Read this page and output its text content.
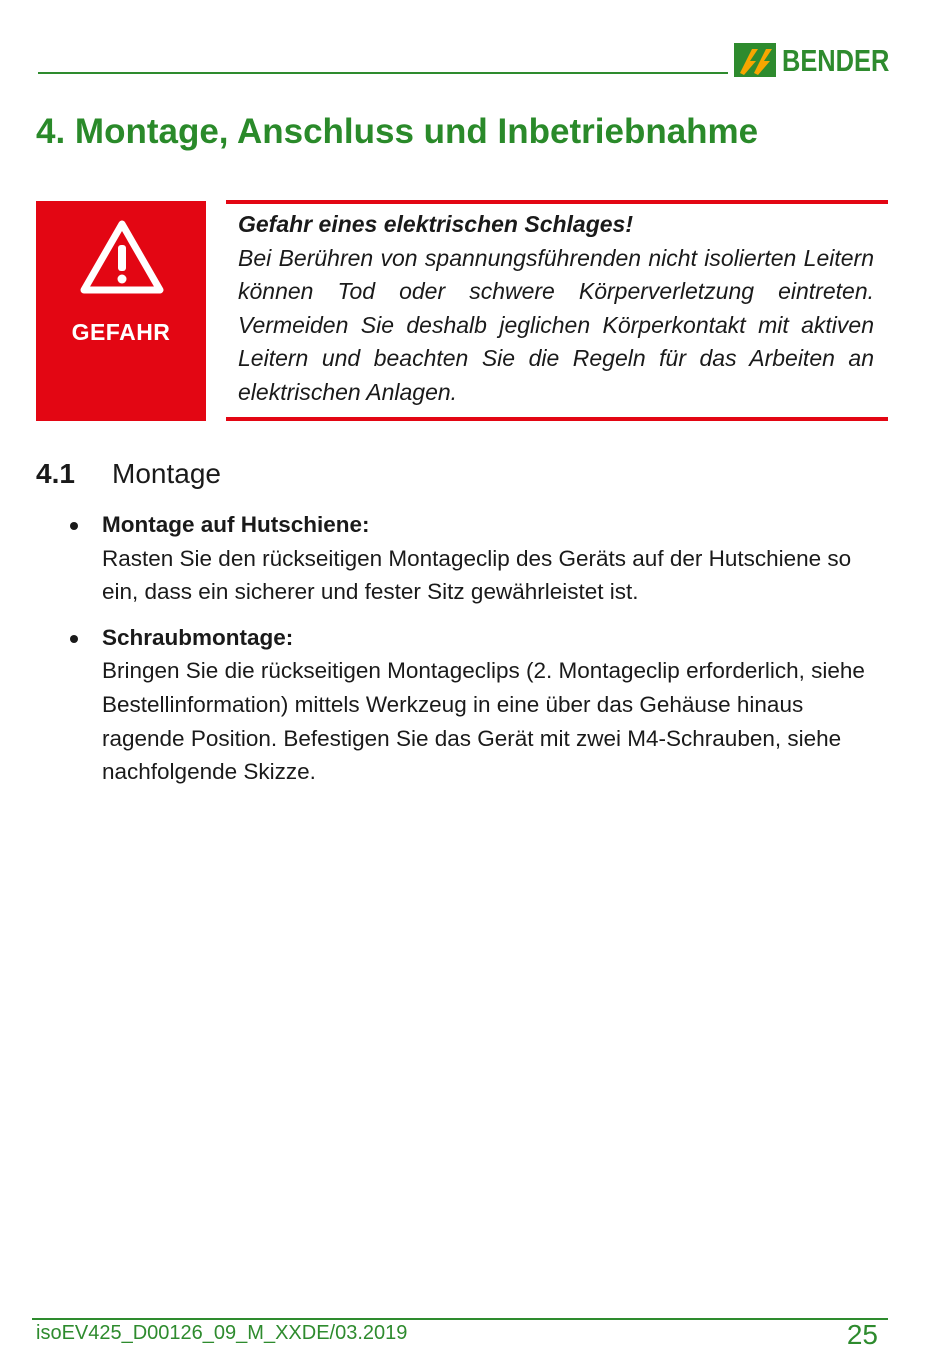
BENDER
4. Montage, Anschluss und Inbetriebnahme
GEFAHR
Gefahr eines elektrischen Schlages!
Bei Berühren von spannungsführenden nicht isolierten Leitern können Tod oder schwere Körperverletzung eintreten. Vermeiden Sie deshalb jeglichen Körperkontakt mit aktiven Leitern und beachten Sie die Regeln für das Arbeiten an elektrischen Anlagen.
4.1 Montage
Montage auf Hutschiene:
Rasten Sie den rückseitigen Montageclip des Geräts auf der Hutschiene so ein, dass ein sicherer und fester Sitz gewährleistet ist.
Schraubmontage:
Bringen Sie die rückseitigen Montageclips (2. Montageclip erforderlich, siehe Bestellinformation) mittels Werkzeug in eine über das Gehäuse hinaus ragende Position. Befestigen Sie das Gerät mit zwei M4-Schrauben, siehe nachfolgende Skizze.
isoEV425_D00126_09_M_XXDE/03.2019	25
